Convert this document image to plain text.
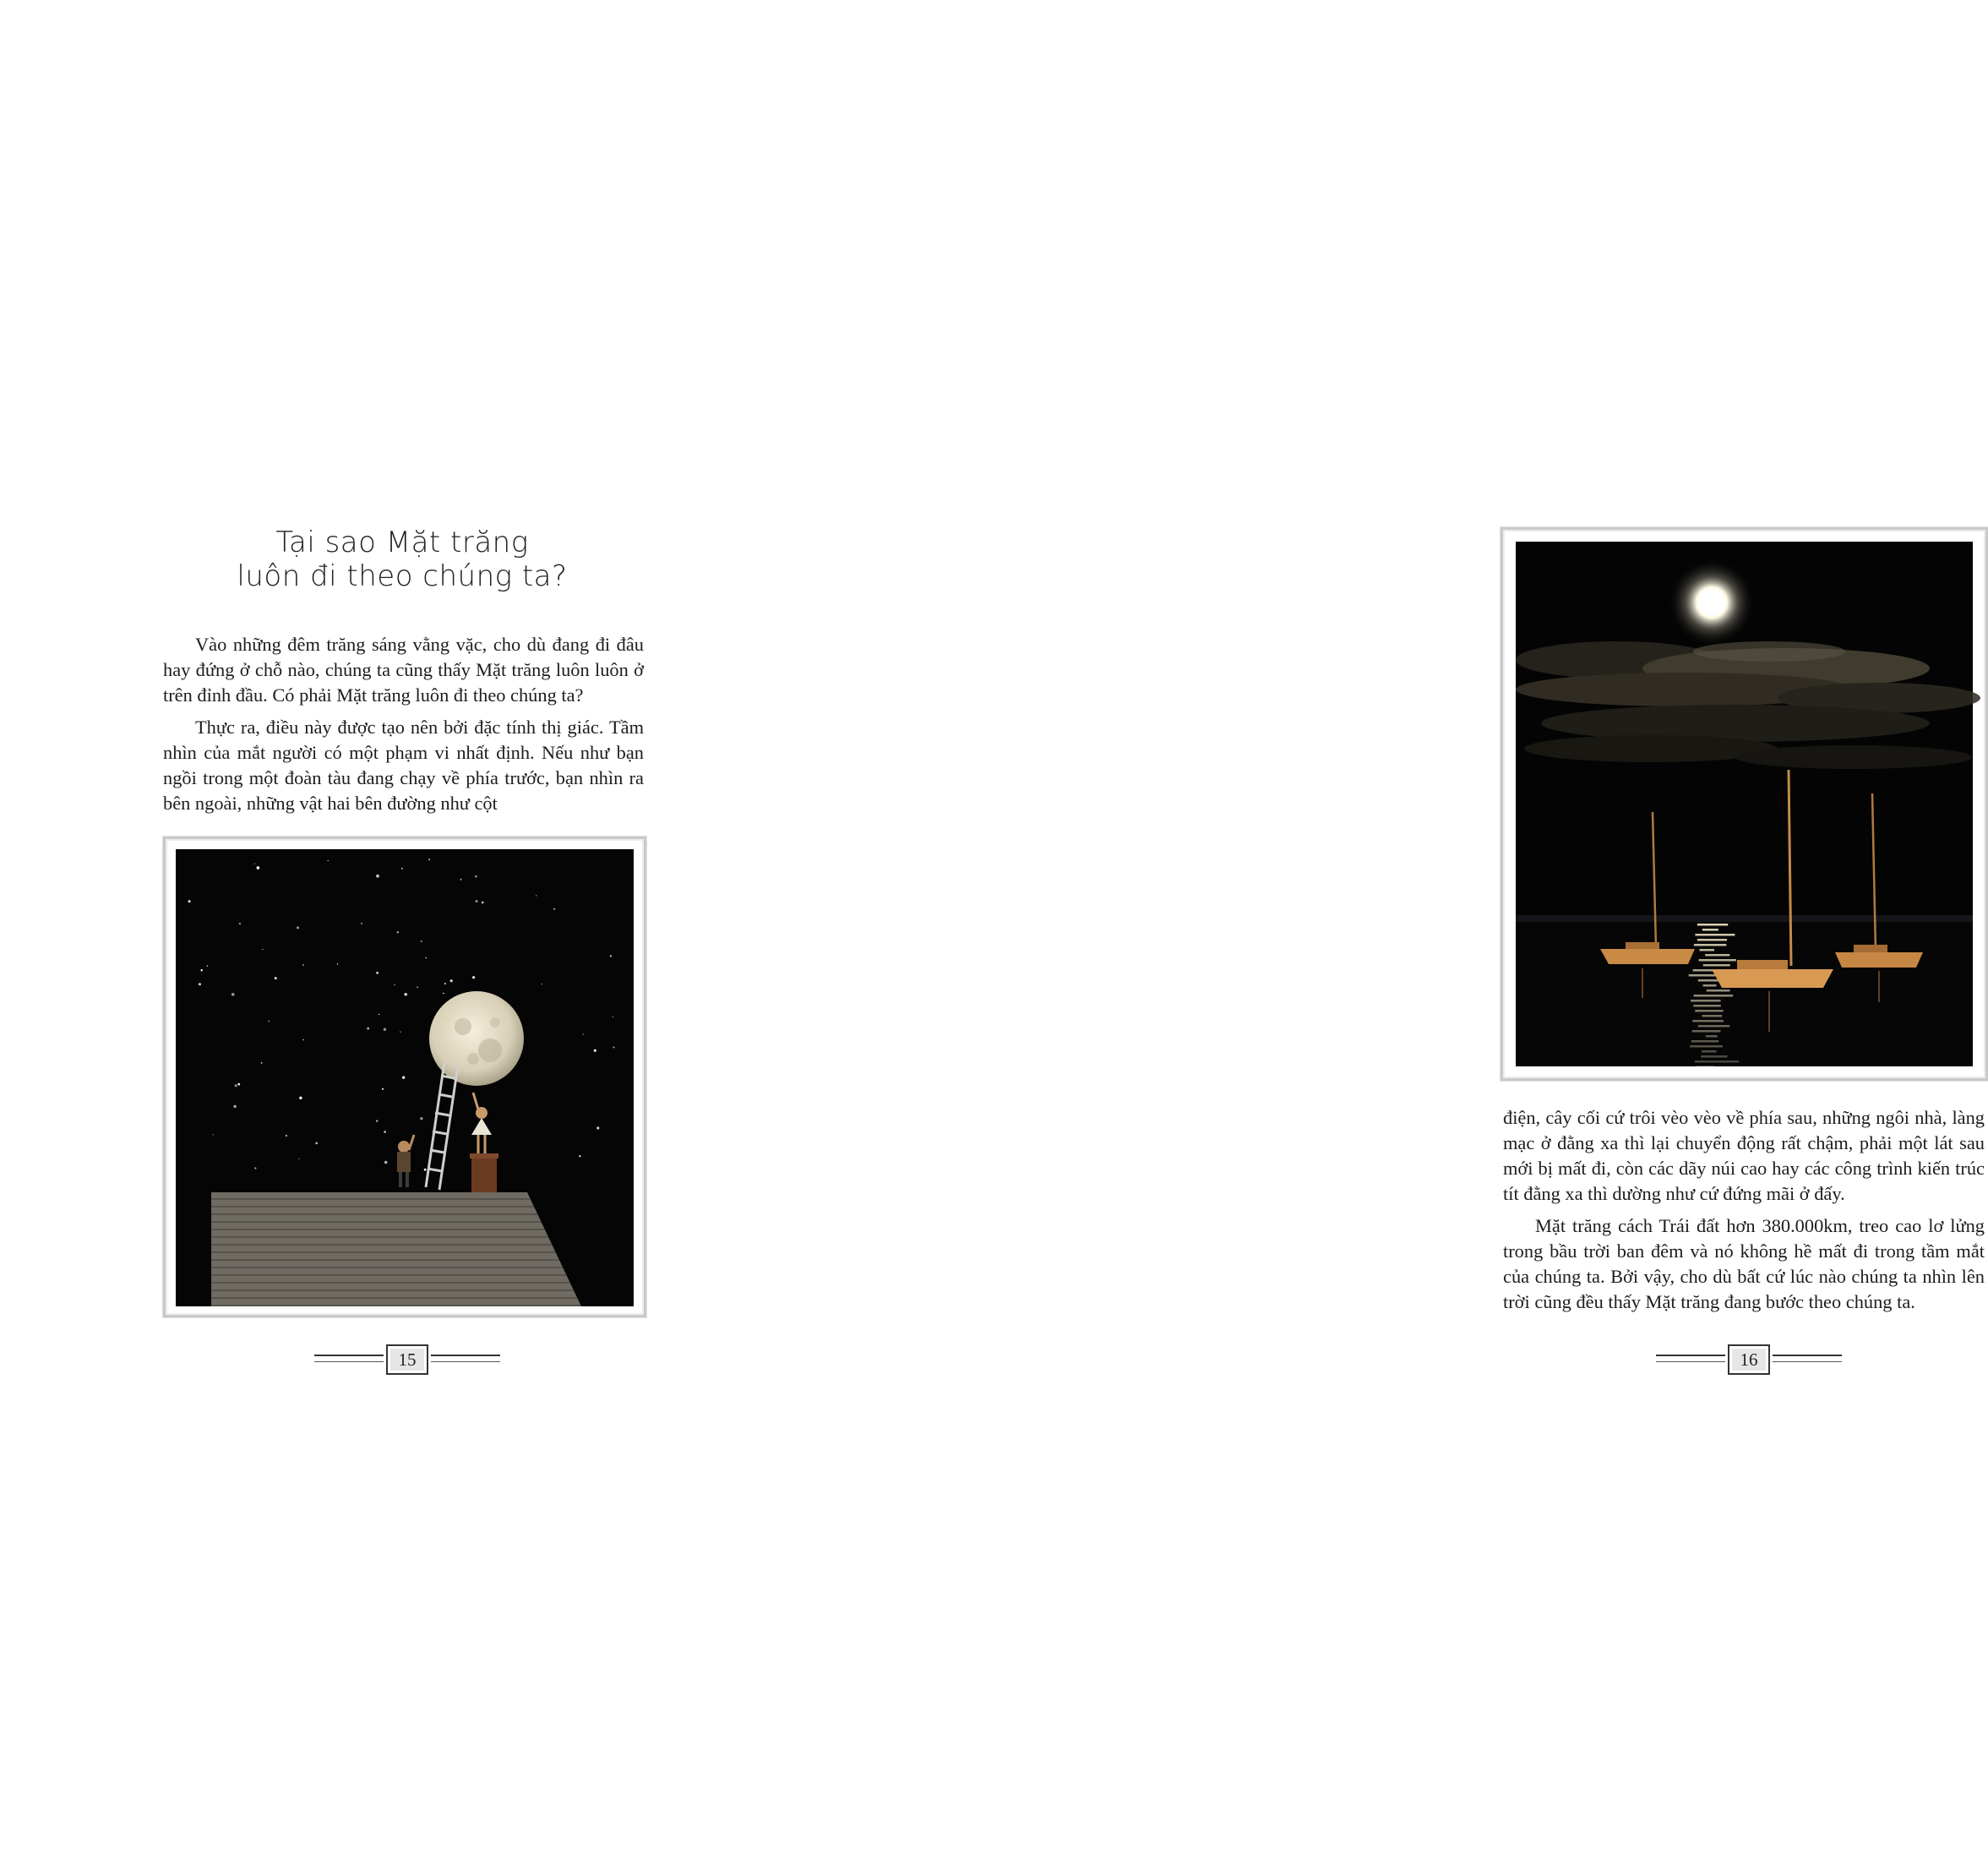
Tại sao Mặt trăng
luôn đi theo chúng ta?

Vào những đêm trăng sáng vằng vặc, cho dù đang đi đâu hay đứng ở chỗ nào, chúng ta cũng thấy Mặt trăng luôn luôn ở trên đỉnh đầu. Có phải Mặt trăng luôn đi theo chúng ta?

Thực ra, điều này được tạo nên bởi đặc tính thị giác. Tầm nhìn của mắt người có một phạm vi nhất định. Nếu như bạn ngồi trong một đoàn tàu đang chạy về phía trước, bạn nhìn ra bên ngoài, những vật hai bên đường như cột

15

điện, cây cối cứ trôi vèo vèo về phía sau, những ngôi nhà, làng mạc ở đằng xa thì lại chuyển động rất chậm, phải một lát sau mới bị mất đi, còn các dãy núi cao hay các công trình kiến trúc tít đằng xa thì dường như cứ đứng mãi ở đấy.

Mặt trăng cách Trái đất hơn 380.000km, treo cao lơ lửng trong bầu trời ban đêm và nó không hề mất đi trong tầm mắt của chúng ta. Bởi vậy, cho dù bất cứ lúc nào chúng ta nhìn lên trời cũng đều thấy Mặt trăng đang bước theo chúng ta.

16
